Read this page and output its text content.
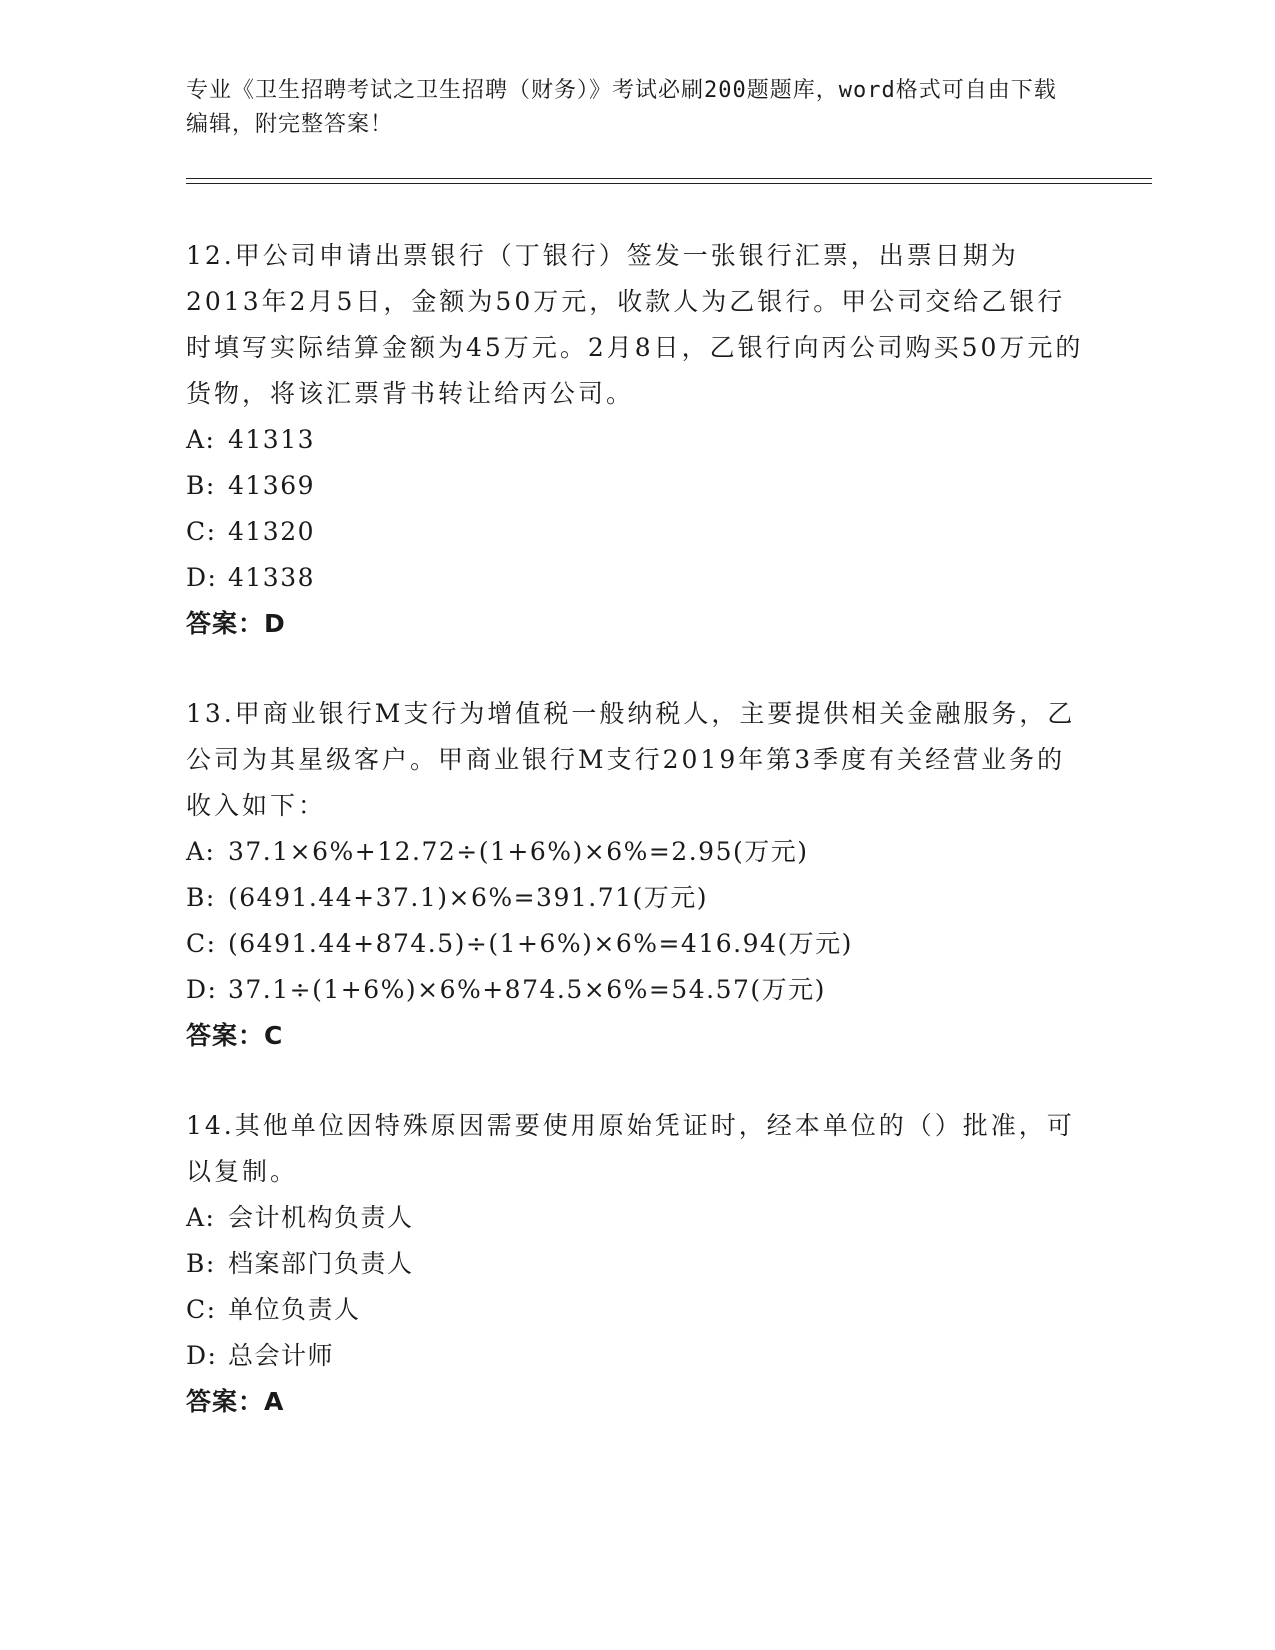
专业《卫生招聘考试之卫生招聘（财务）》考试必刷200题题库，word格式可自由下载编辑，附完整答案！

12.甲公司申请出票银行（丁银行）签发一张银行汇票，出票日期为2013年2月5日，金额为50万元，收款人为乙银行。甲公司交给乙银行时填写实际结算金额为45万元。2月8日，乙银行向丙公司购买50万元的货物，将该汇票背书转让给丙公司。

A: 41313

B: 41369

C: 41320

D: 41338

答案：D

13.甲商业银行M支行为增值税一般纳税人，主要提供相关金融服务，乙公司为其星级客户。甲商业银行M支行2019年第3季度有关经营业务的收入如下：

A: 37.1×6%+12.72÷(1+6%)×6%=2.95(万元)

B: (6491.44+37.1)×6%=391.71(万元)

C: (6491.44+874.5)÷(1+6%)×6%=416.94(万元)

D: 37.1÷(1+6%)×6%+874.5×6%=54.57(万元)

答案：C

14.其他单位因特殊原因需要使用原始凭证时，经本单位的（）批准，可以复制。

A: 会计机构负责人

B: 档案部门负责人

C: 单位负责人

D: 总会计师

答案：A
